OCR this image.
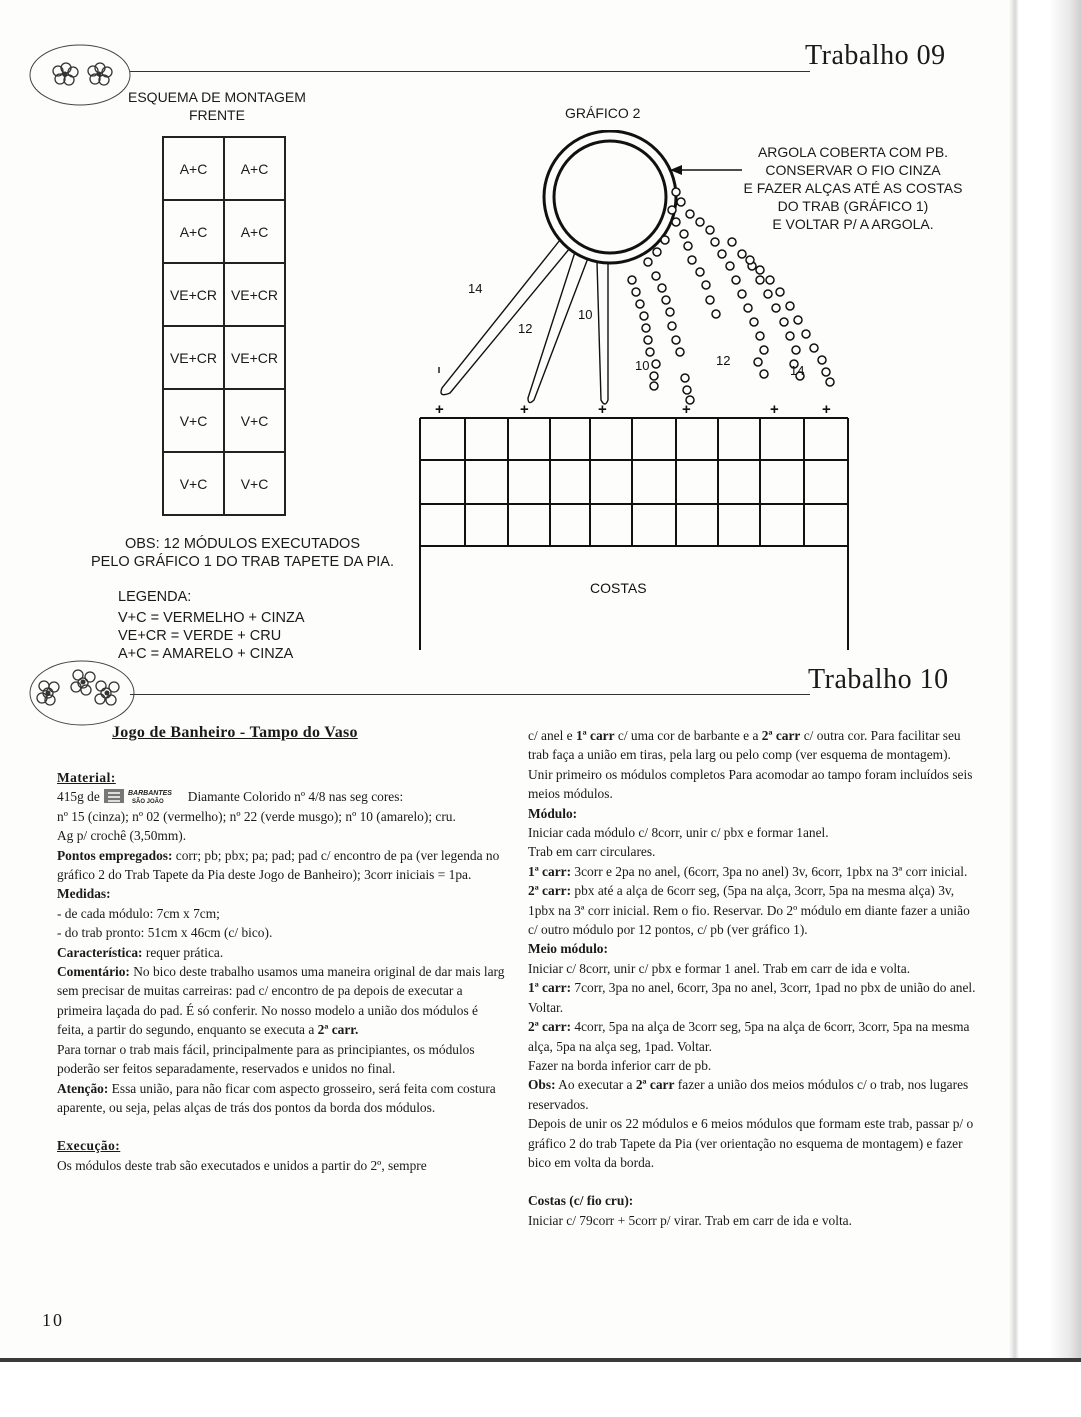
Trabalho 09
ESQUEMA DE MONTAGEM
FRENTE
A+C	A+C
A+C	A+C
VE+CR	VE+CR
VE+CR	VE+CR
V+C	V+C
V+C	V+C
OBS: 12 MÓDULOS EXECUTADOS
PELO GRÁFICO 1 DO TRAB TAPETE DA PIA.
LEGENDA:
V+C = VERMELHO + CINZA
VE+CR = VERDE + CRU
A+C = AMARELO + CINZA
GRÁFICO 2
ARGOLA COBERTA COM PB.
CONSERVAR O FIO CINZA
E FAZER ALÇAS ATÉ AS COSTAS
DO TRAB (GRÁFICO 1)
E VOLTAR P/ A ARGOLA.
+	+	+	+	+	+
14
12
10
10	12
14
COSTAS
Trabalho 10
Jogo de Banheiro - Tampo do Vaso

Material:

415g de	BARBANTES
SÃO JOÃO Diamante Colorido nº 4/8 nas seg cores:

nº 15 (cinza); nº 02 (vermelho); nº 22 (verde musgo); nº 10 (amarelo); cru.

Ag p/ crochê (3,50mm).

Pontos empregados: corr; pb; pbx; pa; pad; pad c/ encontro de pa (ver legenda no gráfico 2 do Trab Tapete da Pia deste Jogo de Banheiro); 3corr iniciais = 1pa.

Medidas:

- de cada módulo: 7cm x 7cm;

- do trab pronto: 51cm x 46cm (c/ bico).

Característica: requer prática.

Comentário: No bico deste trabalho usamos uma maneira original de dar mais larg sem precisar de muitas carreiras: pad c/ encontro de pa depois de executar a primeira laçada do pad. É só conferir. No nosso modelo a união dos módulos é feita, a partir do segundo, enquanto se executa a 2ª carr.

Para tornar o trab mais fácil, principalmente para as principiantes, os módulos poderão ser feitos separadamente, reservados e unidos no final.

Atenção: Essa união, para não ficar com aspecto grosseiro, será feita com costura aparente, ou seja, pelas alças de trás dos pontos da borda dos módulos.

Execução:

Os módulos deste trab são executados e unidos a partir do 2º, sempre

c/ anel e 1ª carr c/ uma cor de barbante e a 2ª carr c/ outra cor. Para facilitar seu trab faça a união em tiras, pela larg ou pelo comp (ver esquema de montagem). Unir primeiro os módulos completos Para acomodar ao tampo foram incluídos seis meios módulos.

Módulo:

Iniciar cada módulo c/ 8corr, unir c/ pbx e formar 1anel.

Trab em carr circulares.

1ª carr: 3corr e 2pa no anel, (6corr, 3pa no anel) 3v, 6corr, 1pbx na 3ª corr inicial.

2ª carr: pbx até a alça de 6corr seg, (5pa na alça, 3corr, 5pa na mesma alça) 3v, 1pbx na 3ª corr inicial. Rem o fio. Reservar. Do 2º módulo em diante fazer a união c/ outro módulo por 12 pontos, c/ pb (ver gráfico 1).

Meio módulo:

Iniciar c/ 8corr, unir c/ pbx e formar 1 anel. Trab em carr de ida e volta.

1ª carr: 7corr, 3pa no anel, 6corr, 3pa no anel, 3corr, 1pad no pbx de união do anel. Voltar.

2ª carr: 4corr, 5pa na alça de 3corr seg, 5pa na alça de 6corr, 3corr, 5pa na mesma alça, 5pa na alça seg, 1pad. Voltar.

Fazer na borda inferior carr de pb.

Obs: Ao executar a 2ª carr fazer a união dos meios módulos c/ o trab, nos lugares reservados.

Depois de unir os 22 módulos e 6 meios módulos que formam este trab, passar p/ o gráfico 2 do trab Tapete da Pia (ver orientação no esquema de montagem) e fazer bico em volta da borda.

Costas (c/ fio cru):

Iniciar c/ 79corr + 5corr p/ virar. Trab em carr de ida e volta.

10
